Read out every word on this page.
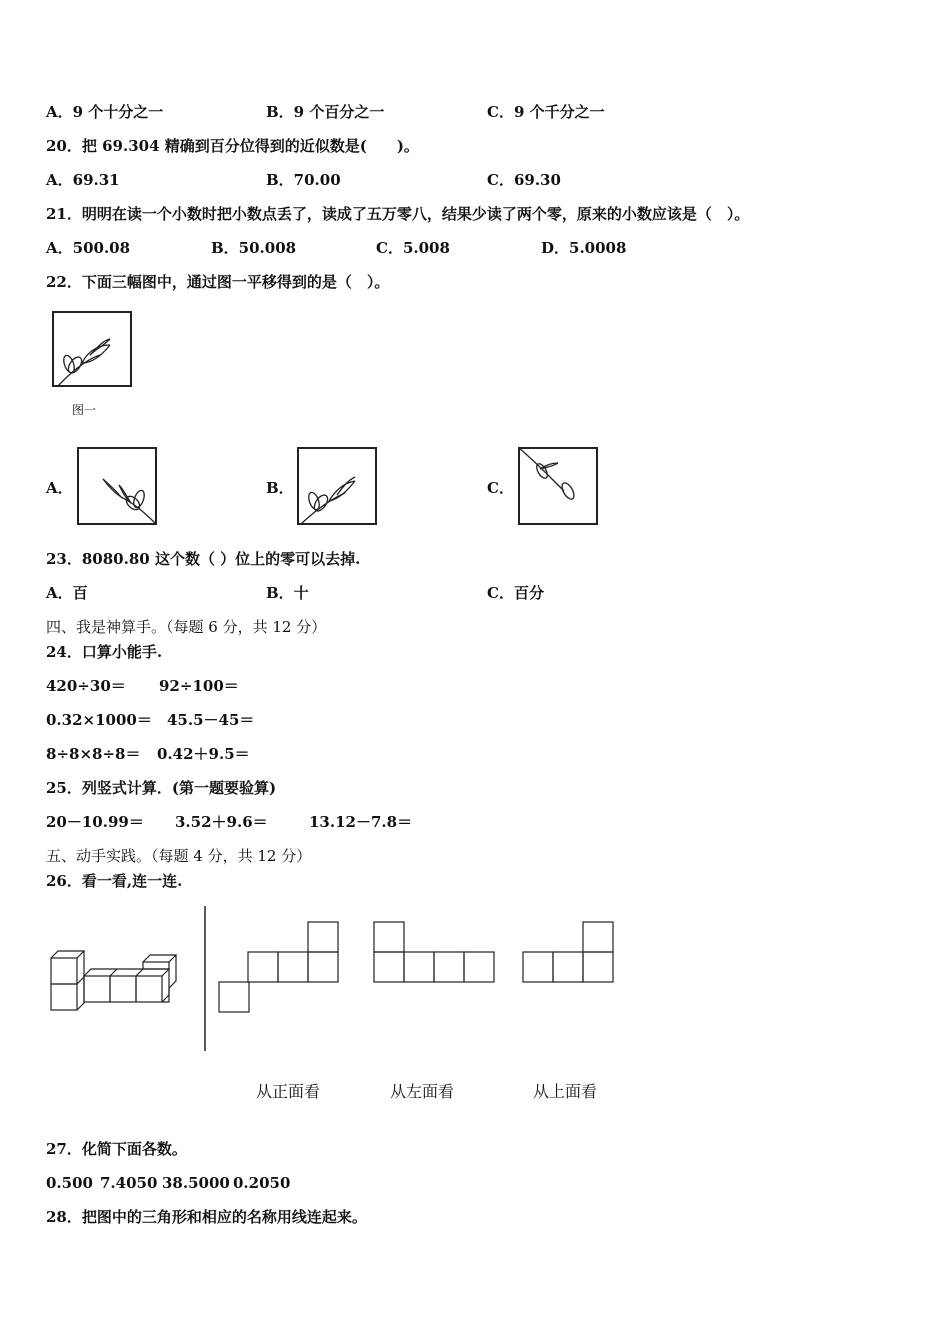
A．9 个十分之一	B．9 个百分之一	C．9 个千分之一
20．把 69.304 精确到百分位得到的近似数是(　　)。
A．69.31	B．70.00	C．69.30
21．明明在读一个小数时把小数点丢了，读成了五万零八，结果少读了两个零，原来的小数应该是（　）。
A．500.08	B．50.008	C．5.008	D．5.0008
22．下面三幅图中，通过图一平移得到的是（　）。
图一
A．	B．	C．
23．8080.80 这个数（ ）位上的零可以去掉.
A．百	B．十	C．百分
四、我是神算手。（每题 6 分，共 12 分）
24．口算小能手.
420÷30＝ 92÷100＝
0.32×1000＝ 45.5－45＝
8÷8×8÷8＝ 0.42＋9.5＝
25．列竖式计算．(第一题要验算)
20－10.99＝ 3.52＋9.6＝	13.12－7.8＝
五、动手实践。（每题 4 分，共 12 分）
26．看一看,连一连.
从正面看	从左面看	从上面看
27．化简下面各数。
0.500 7.4050 38.5000 0.2050
28．把图中的三角形和相应的名称用线连起来。
